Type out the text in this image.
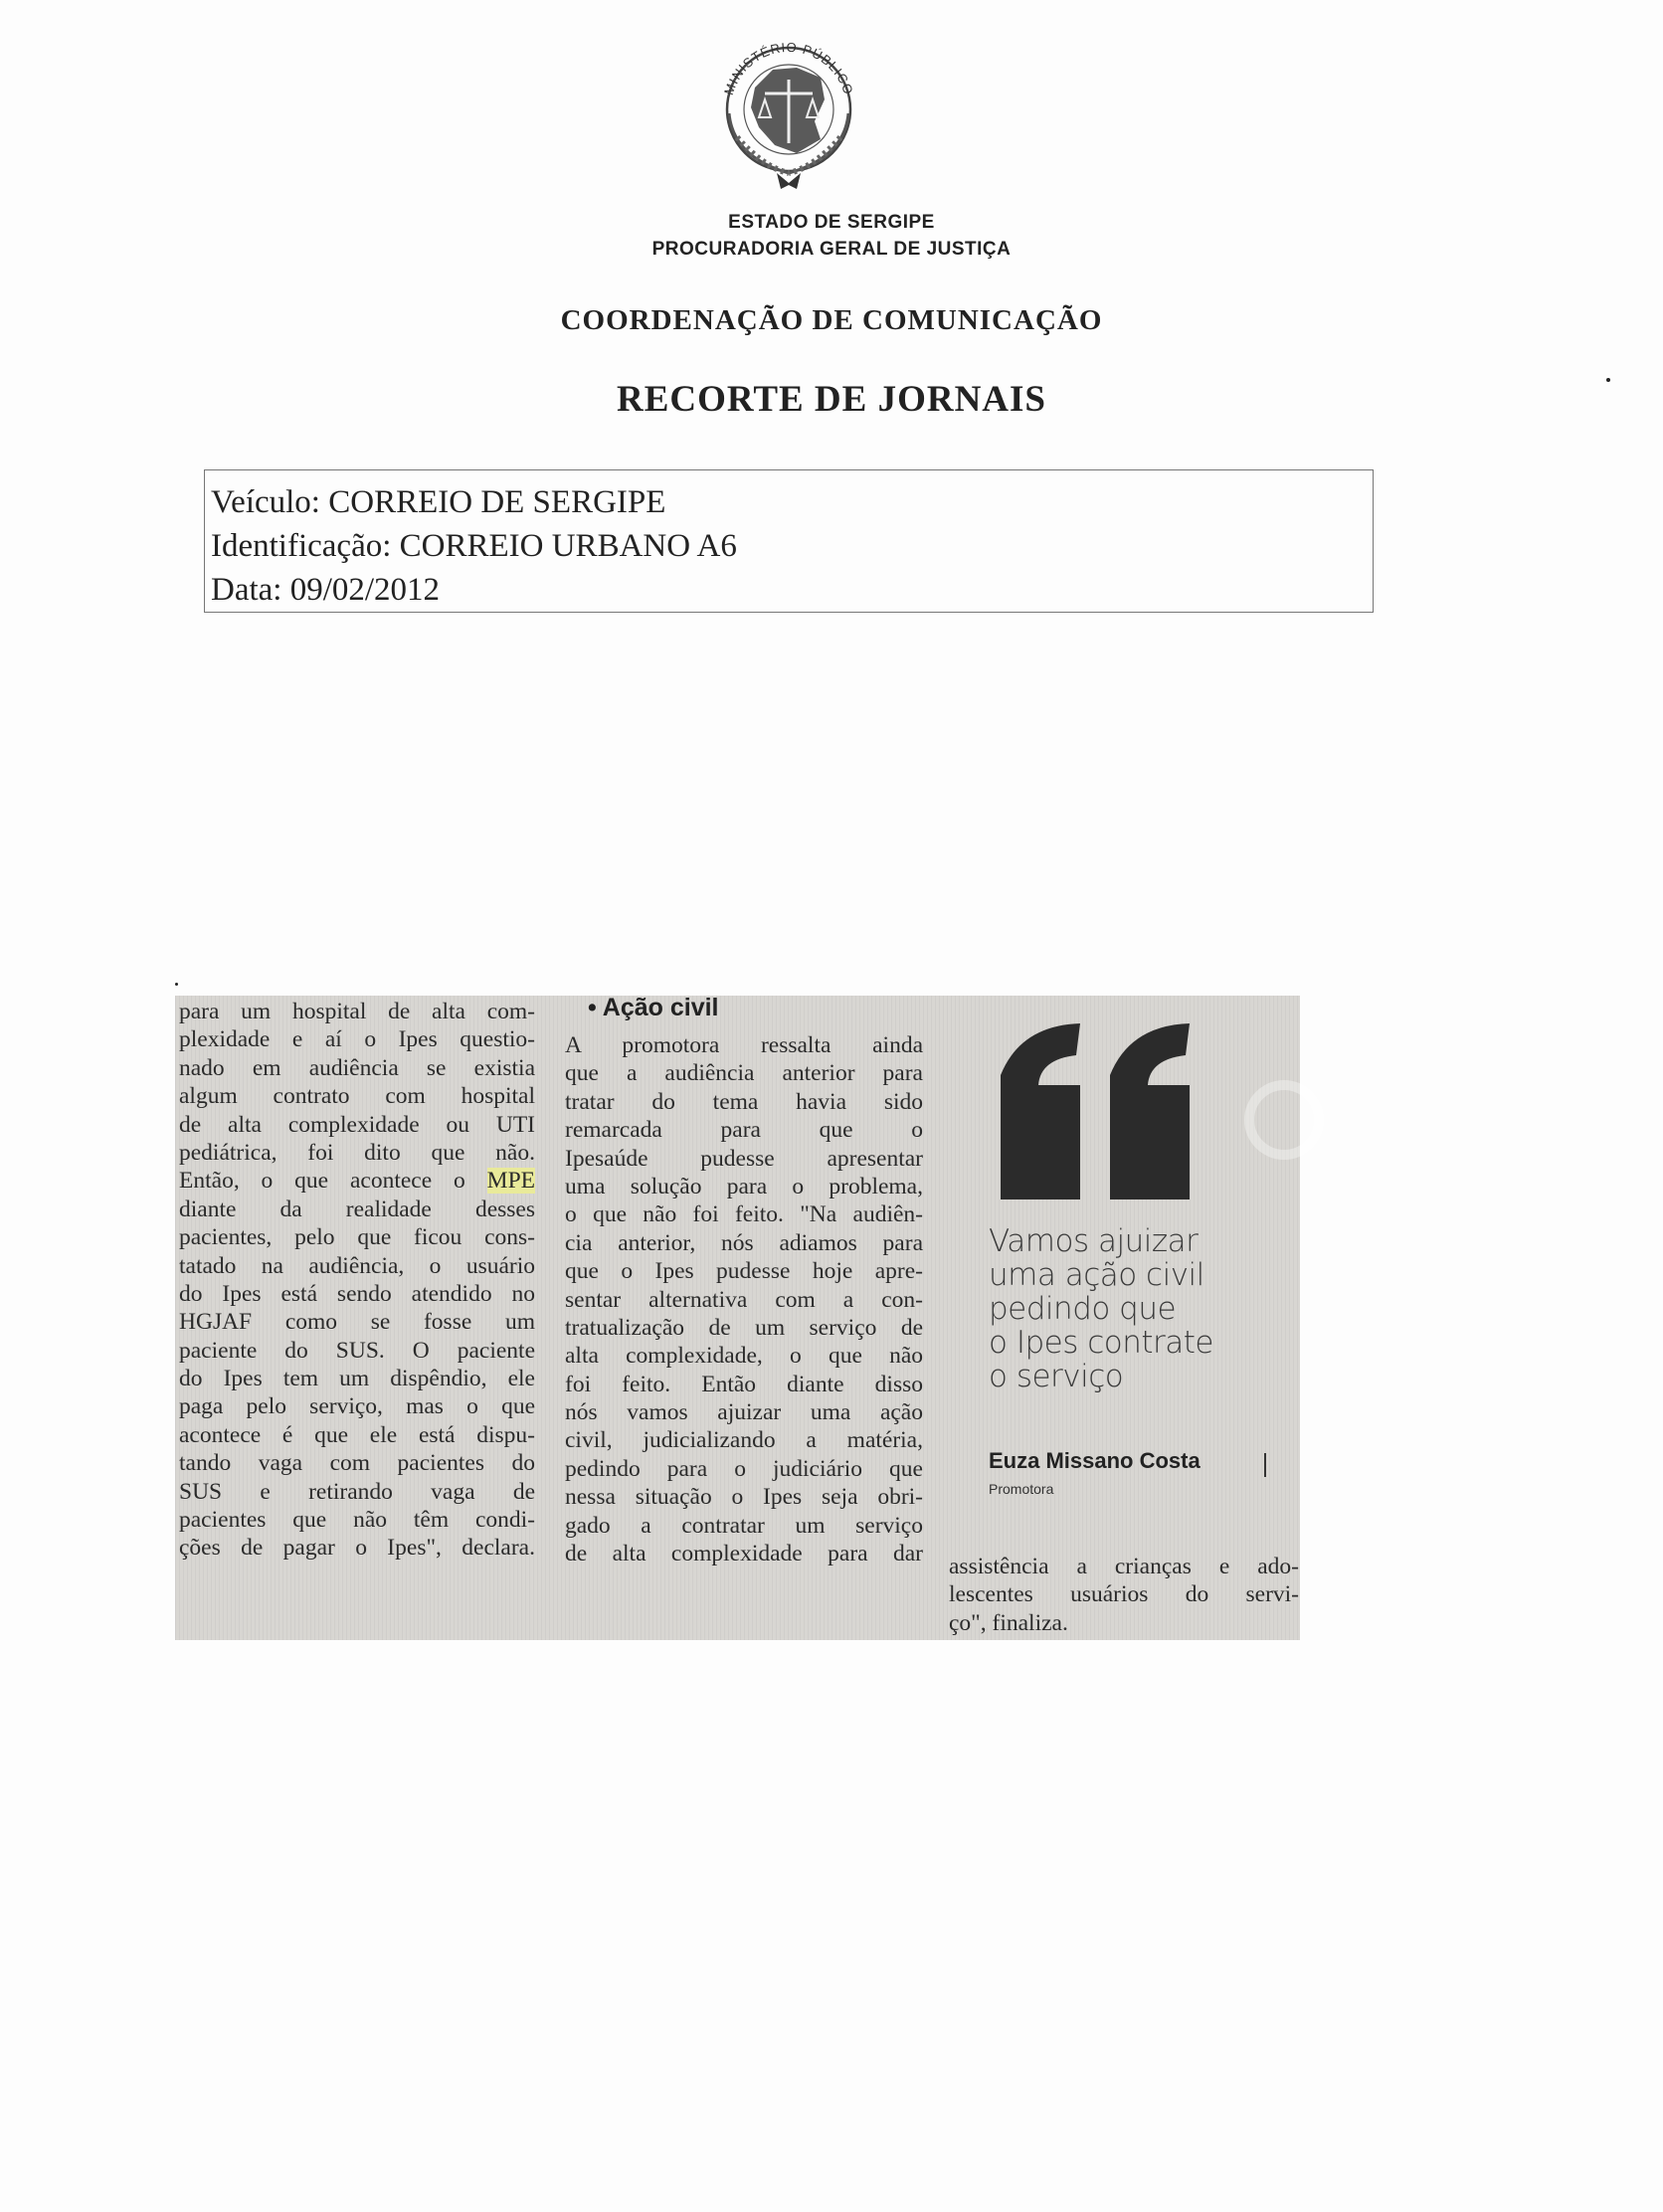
MINISTÉRIO PÚBLICO
ESTADO DE SERGIPE
PROCURADORIA GERAL DE JUSTIÇA
COORDENAÇÃO DE COMUNICAÇÃO
RECORTE DE JORNAIS
Veículo: CORREIO DE SERGIPE
Identificação: CORREIO URBANO A6
Data: 09/02/2012
para um hospital de alta com-
plexidade e aí o Ipes questio-
nado em audiência se existia
algum contrato com hospital
de alta complexidade ou UTI
pediátrica, foi dito que não.
Então, o que acontece o MPE
diante da realidade desses
pacientes, pelo que ficou cons-
tatado na audiência, o usuário
do Ipes está sendo atendido no
HGJAF como se fosse um
paciente do SUS. O paciente
do Ipes tem um dispêndio, ele
paga pelo serviço, mas o que
acontece é que ele está dispu-
tando vaga com pacientes do
SUS e retirando vaga de
pacientes que não têm condi-
ções de pagar o Ipes", declara.
• Ação civil
A promotora ressalta ainda
que a audiência anterior para
tratar do tema havia sido
remarcada para que o
Ipesaúde pudesse apresentar
uma solução para o problema,
o que não foi feito. "Na audiên-
cia anterior, nós adiamos para
que o Ipes pudesse hoje apre-
sentar alternativa com a con-
tratualização de um serviço de
alta complexidade, o que não
foi feito. Então diante disso
nós vamos ajuizar uma ação
civil, judicializando a matéria,
pedindo para o judiciário que
nessa situação o Ipes seja obri-
gado a contratar um serviço
de alta complexidade para dar
Vamos ajuizar
uma ação civil
pedindo que
o Ipes contrate
o serviço
Euza Missano Costa
Promotora
assistência a crianças e ado-
lescentes usuários do servi-
ço", finaliza.
